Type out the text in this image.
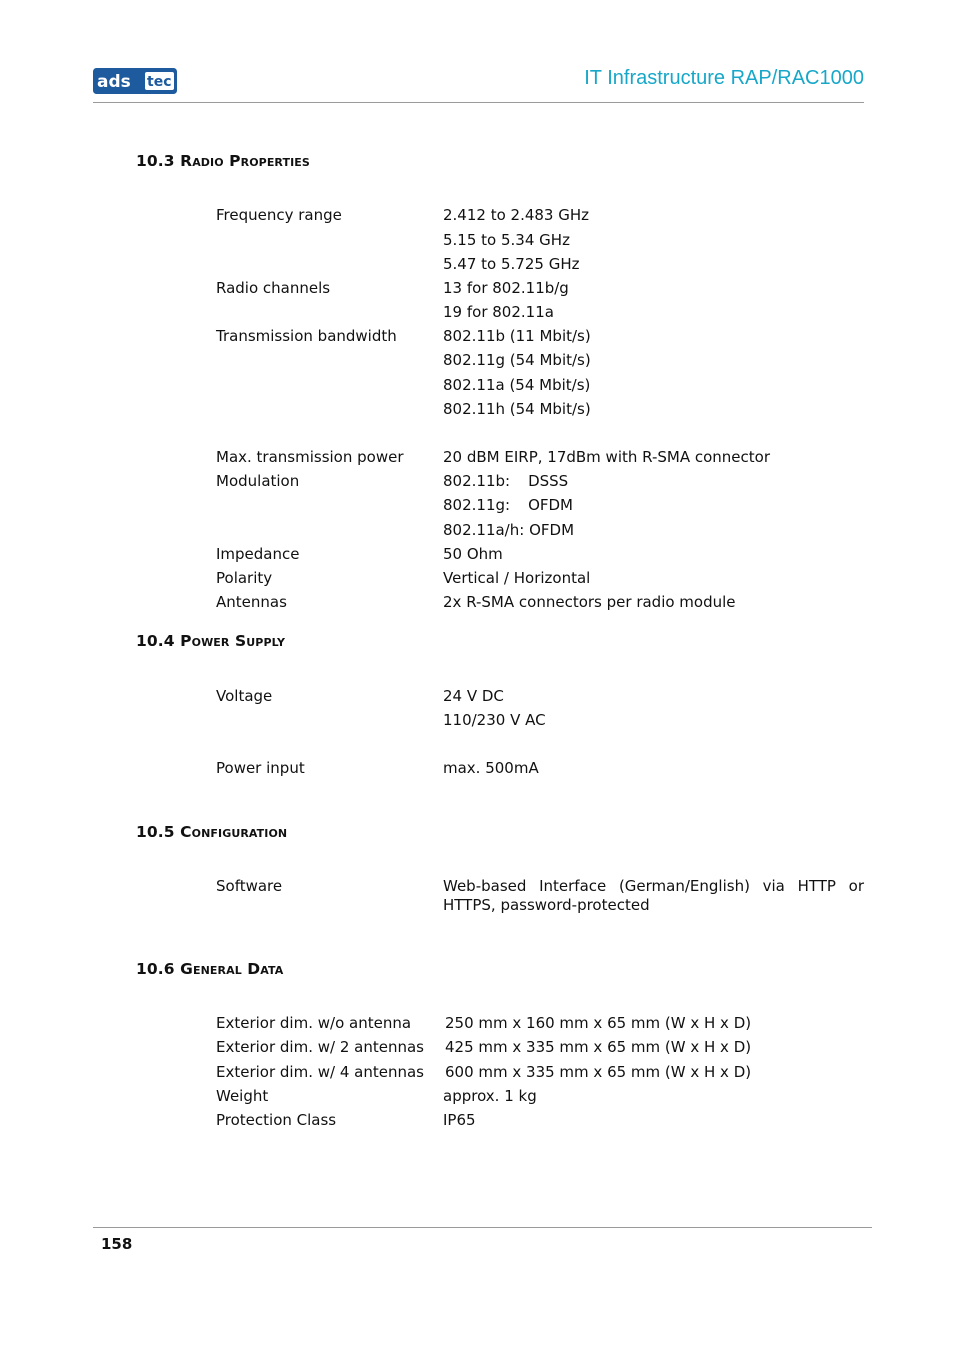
ads tec	IT Infrastructure RAP/RAC1000
10.3 Radio Properties
Frequency range	2.412 to 2.483 GHz
5.15 to 5.34 GHz
5.47 to 5.725 GHz
Radio channels	13 for 802.11b/g
19 for 802.11a
Transmission bandwidth	802.11b (11 Mbit/s)
802.11g (54 Mbit/s)
802.11a (54 Mbit/s)
802.11h (54 Mbit/s)
Max. transmission power	20 dBM EIRP, 17dBm with R-SMA connector
Modulation	802.11b: DSSS
802.11g: OFDM
802.11a/h: OFDM
Impedance	50 Ohm
Polarity	Vertical / Horizontal
Antennas	2x R-SMA connectors per radio module
10.4 Power Supply
Voltage	24 V DC
110/230 V AC
Power input	max. 500mA
10.5 Configuration
Software	Web-based Interface (German/English) via HTTP or HTTPS, password-protected
10.6 General Data
Exterior dim. w/o antenna 250 mm x 160 mm x 65 mm (W x H x D)
Exterior dim. w/ 2 antennas 425 mm x 335 mm x 65 mm (W x H x D)
Exterior dim. w/ 4 antennas 600 mm x 335 mm x 65 mm (W x H x D)
Weight	approx. 1 kg
Protection Class	IP65
158
